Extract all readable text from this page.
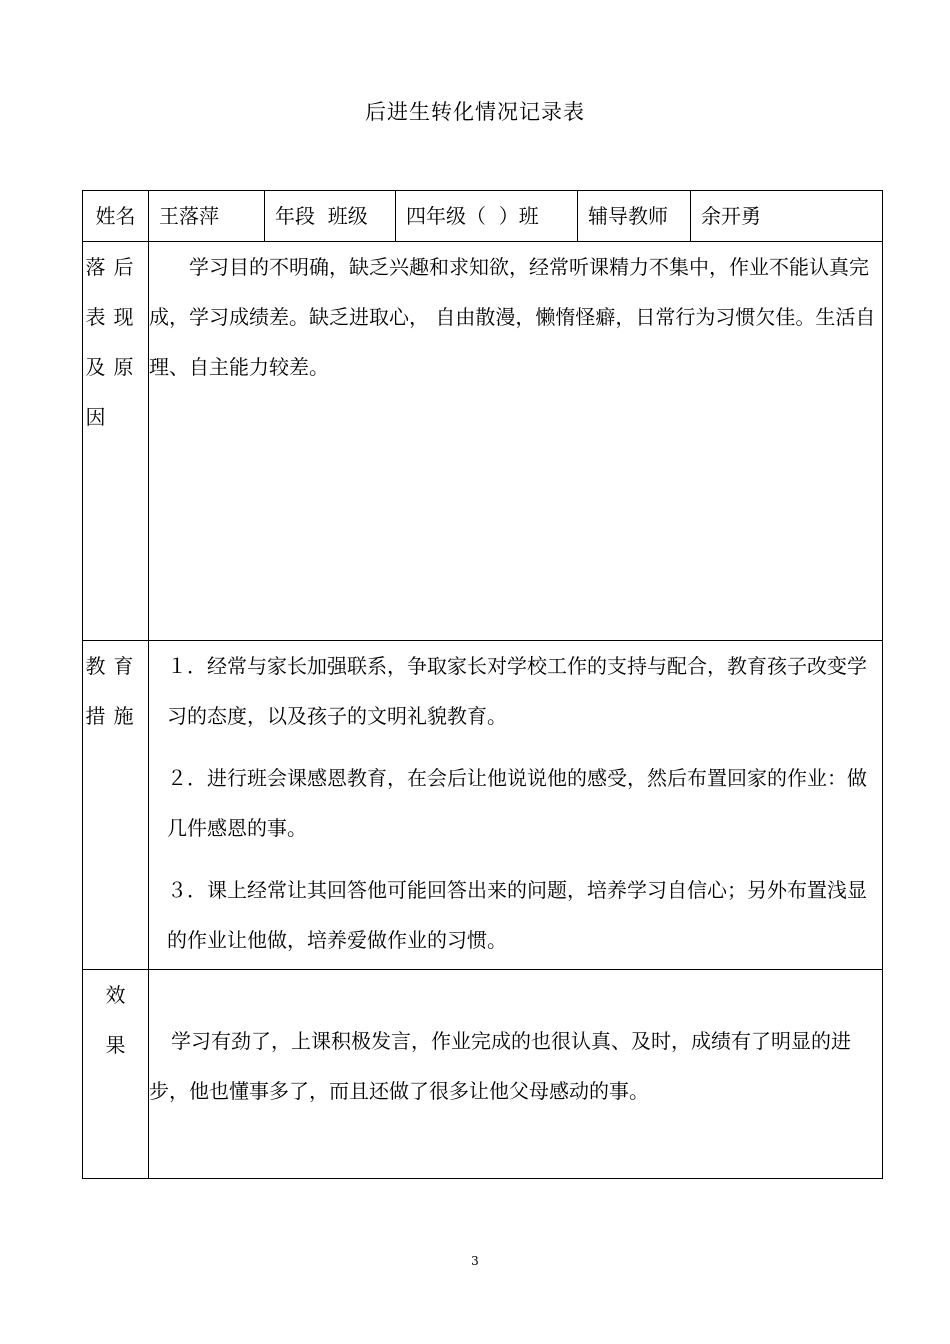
后进生转化情况记录表
姓名	王落萍	年段  班级	四年级（  ）班	辅导教师	余开勇
落后表现及原因	学习目的不明确，缺乏兴趣和求知欲，经常听课精力不集中，作业不能认真完成，学习成绩差。缺乏进取心， 自由散漫，懒惰怪癖，日常行为习惯欠佳。生活自理、自主能力较差。				

教育措施	１．经常与家长加强联系，争取家长对学校工作的支持与配合，教育孩子改变学习的态度，以及孩子的文明礼貌教育。

２．进行班会课感恩教育，在会后让他说说他的感受，然后布置回家的作业：做几件感恩的事。

３．课上经常让其回答他可能回答出来的问题，培养学习自信心；另外布置浅显的作业让他做，培养爱做作业的习惯。				

效
果	学习有劲了，上课积极发言，作业完成的也很认真、及时，成绩有了明显的进步，他也懂事多了，而且还做了很多让他父母感动的事。				

3
